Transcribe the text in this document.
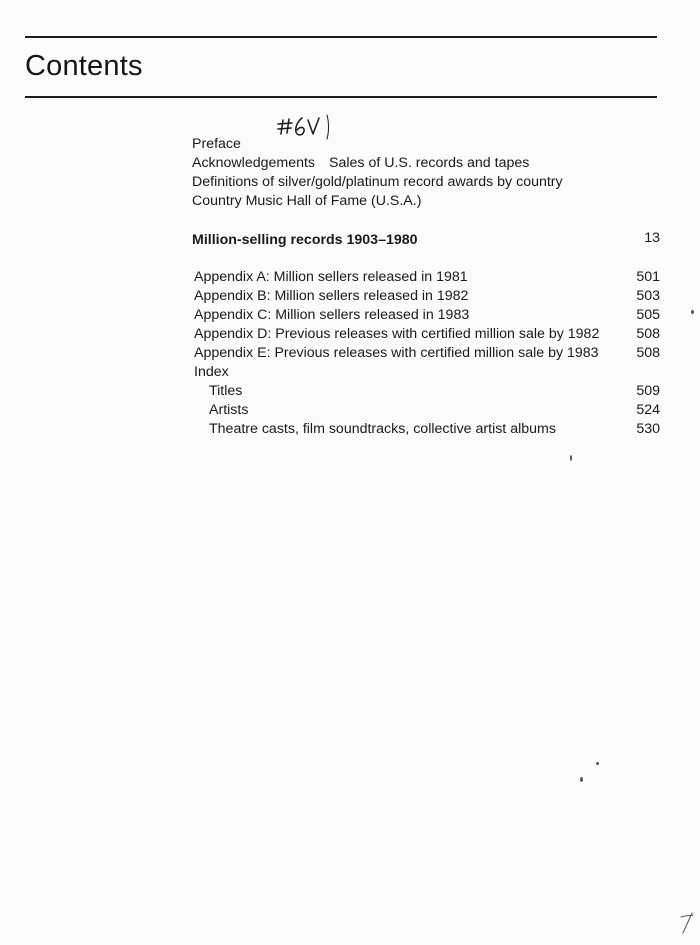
Contents
Preface
Acknowledgements Sales of U.S. records and tapes
Definitions of silver/gold/platinum record awards by country
Country Music Hall of Fame (U.S.A.)
Million-selling records 1903–1980	13
Appendix A: Million sellers released in 1981	501
Appendix B: Million sellers released in 1982	503
Appendix C: Million sellers released in 1983	505
Appendix D: Previous releases with certified million sale by 1982	508
Appendix E: Previous releases with certified million sale by 1983	508
Index
Titles	509
Artists	524
Theatre casts, film soundtracks, collective artist albums	530
